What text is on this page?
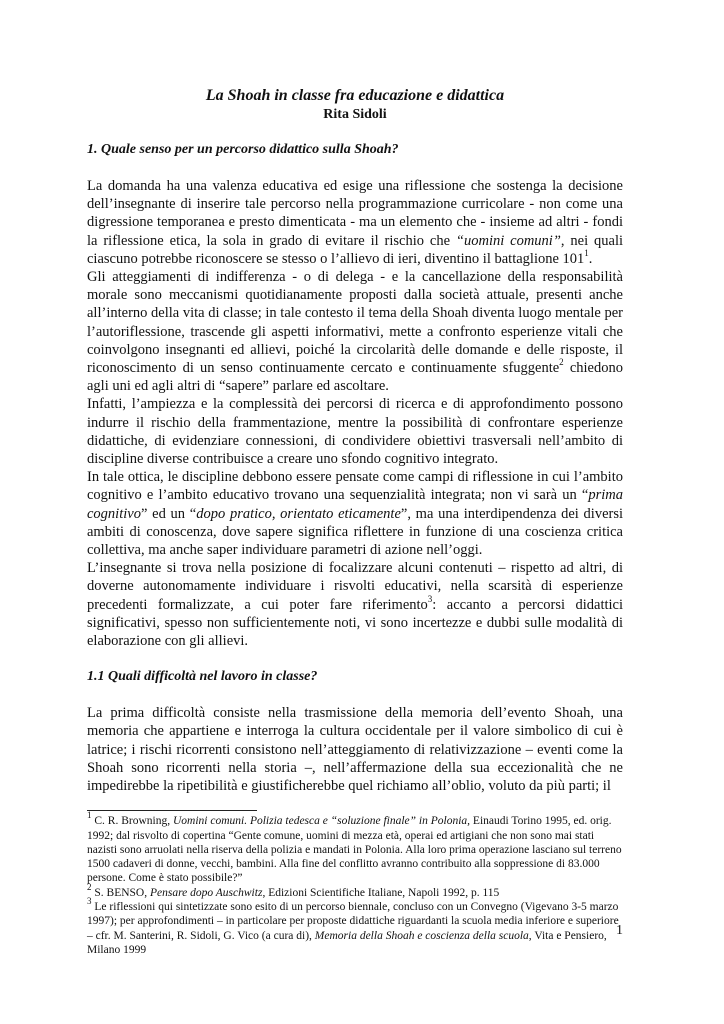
La Shoah in classe fra educazione e didattica

Rita Sidoli

1. Quale senso per un percorso didattico sulla Shoah?

La domanda ha una valenza educativa ed esige una riflessione che sostenga la decisione dell’insegnante di inserire tale percorso nella programmazione curricolare - non come una digressione temporanea e presto dimenticata - ma un elemento che - insieme ad altri - fondi la riflessione etica, la sola in grado di evitare il rischio che “uomini comuni”, nei quali ciascuno potrebbe riconoscere se stesso o l’allievo di ieri, diventino il battaglione $101^1$.

Gli atteggiamenti di indifferenza - o di delega - e la cancellazione della responsabilità morale sono meccanismi quotidianamente proposti dalla società attuale, presenti anche all’interno della vita di classe; in tale contesto il tema della Shoah diventa luogo mentale per l’autoriflessione, trascende gli aspetti informativi, mette a confronto esperienze vitali che coinvolgono insegnanti ed allievi, poiché la circolarità delle domande e delle risposte, il riconoscimento di un senso continuamente cercato e continuamente sfuggente$^2$ chiedono agli uni ed agli altri di “sapere” parlare ed ascoltare.

Infatti, l’ampiezza e la complessità dei percorsi di ricerca e di approfondimento possono indurre il rischio della frammentazione, mentre la possibilità di confrontare esperienze didattiche, di evidenziare connessioni, di condividere obiettivi trasversali nell’ambito di discipline diverse contribuisce a creare uno sfondo cognitivo integrato.

In tale ottica, le discipline debbono essere pensate come campi di riflessione in cui l’ambito cognitivo e l’ambito educativo trovano una sequenzialità integrata; non vi sarà un “prima cognitivo” ed un “dopo pratico, orientato eticamente”, ma una interdipendenza dei diversi ambiti di conoscenza, dove sapere significa riflettere in funzione di una coscienza critica collettiva, ma anche saper individuare parametri di azione nell’oggi.

L’insegnante si trova nella posizione di focalizzare alcuni contenuti – rispetto ad altri, di doverne autonomamente individuare i risvolti educativi, nella scarsità di esperienze precedenti formalizzate, a cui poter fare riferimento$^3$: accanto a percorsi didattici significativi, spesso non sufficientemente noti, vi sono incertezze e dubbi sulle modalità di elaborazione con gli allievi.

1.1 Quali difficoltà nel lavoro in classe?

La prima difficoltà consiste nella trasmissione della memoria dell’evento Shoah, una memoria che appartiene e interroga la cultura occidentale per il valore simbolico di cui è latrice; i rischi ricorrenti consistono nell’atteggiamento di relativizzazione – eventi come la Shoah sono ricorrenti nella storia –, nell’affermazione della sua eccezionalità che ne impedirebbe la ripetibilità e giustificherebbe quel richiamo all’oblio, voluto da più parti; il

$^1$ C. R. Browning, Uomini comuni. Polizia tedesca e “soluzione finale” in Polonia, Einaudi Torino 1995, ed. orig. 1992; dal risvolto di copertina “Gente comune, uomini di mezza età, operai ed artigiani che non sono mai stati nazisti sono arruolati nella riserva della polizia e mandati in Polonia. Alla loro prima operazione lasciano sul terreno 1500 cadaveri di donne, vecchi, bambini. Alla fine del conflitto avranno contribuito alla soppressione di 83.000 persone. Come è stato possibile?”

$^2$ S. BENSO, Pensare dopo Auschwitz, Edizioni Scientifiche Italiane, Napoli 1992, p. 115

$^3$ Le riflessioni qui sintetizzate sono esito di un percorso biennale, concluso con un Convegno (Vigevano 3-5 marzo 1997); per approfondimenti – in particolare per proposte didattiche riguardanti la scuola media inferiore e superiore – cfr. M. Santerini, R. Sidoli, G. Vico (a cura di), Memoria della Shoah e coscienza della scuola, Vita e Pensiero, Milano 1999

1
